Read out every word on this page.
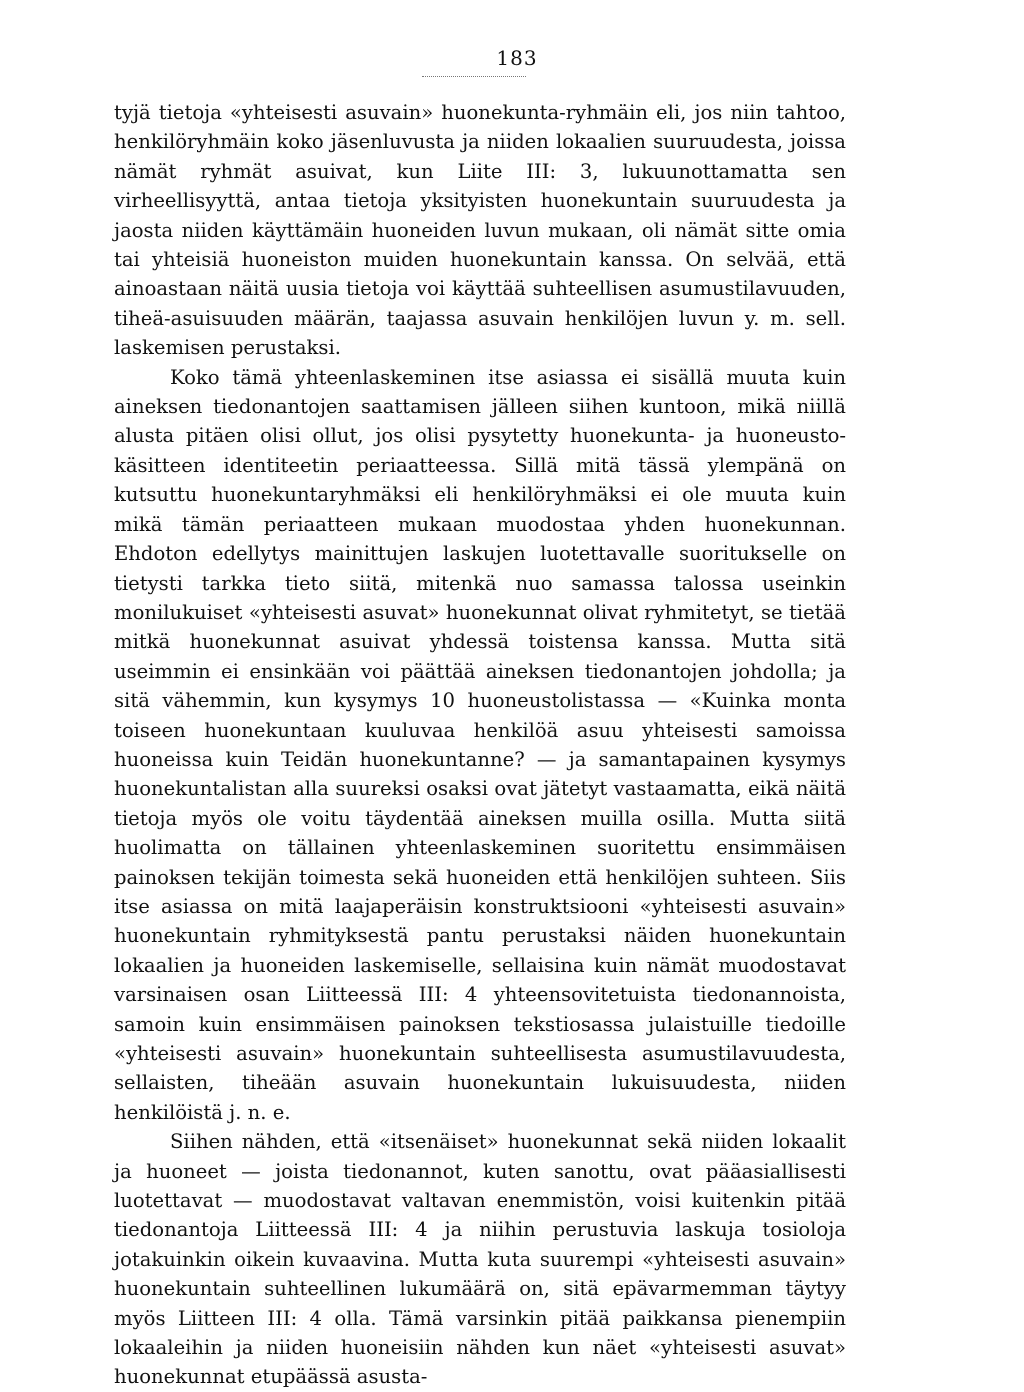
183

tyjä tietoja «yhteisesti asuvain» huonekunta-ryhmäin eli, jos niin tahtoo, henkilöryhmäin koko jäsenluvusta ja niiden lokaalien suuruudesta, joissa nämät ryhmät asuivat, kun Liite III: 3, lukuunottamatta sen virheellisyyttä, antaa tietoja yksityisten huonekuntain suuruudesta ja jaosta niiden käyttämäin huoneiden luvun mukaan, oli nämät sitte omia tai yhteisiä huoneiston muiden huonekuntain kanssa. On selvää, että ainoastaan näitä uusia tietoja voi käyttää suhteellisen asumustilavuuden, tiheä-asuisuuden määrän, taajassa asuvain henkilöjen luvun y. m. sell. laskemisen perustaksi.

Koko tämä yhteenlaskeminen itse asiassa ei sisällä muuta kuin aineksen tiedonantojen saattamisen jälleen siihen kuntoon, mikä niillä alusta pitäen olisi ollut, jos olisi pysytetty huonekunta- ja huoneusto-käsitteen identiteetin periaatteessa. Sillä mitä tässä ylempänä on kutsuttu huonekuntaryhmäksi eli henkilöryhmäksi ei ole muuta kuin mikä tämän periaatteen mukaan muodostaa yhden huonekunnan. Ehdoton edellytys mainittujen laskujen luotettavalle suoritukselle on tietysti tarkka tieto siitä, mitenkä nuo samassa talossa useinkin monilukuiset «yhteisesti asuvat» huonekunnat olivat ryhmitetyt, se tietää mitkä huonekunnat asuivat yhdessä toistensa kanssa. Mutta sitä useimmin ei ensinkään voi päättää aineksen tiedonantojen johdolla; ja sitä vähemmin, kun kysymys 10 huoneustolistassa — «Kuinka monta toiseen huonekuntaan kuuluvaa henkilöä asuu yhteisesti samoissa huoneissa kuin Teidän huonekuntanne? — ja samantapainen kysymys huonekuntalistan alla suureksi osaksi ovat jätetyt vastaamatta, eikä näitä tietoja myös ole voitu täydentää aineksen muilla osilla. Mutta siitä huolimatta on tällainen yhteenlaskeminen suoritettu ensimmäisen painoksen tekijän toimesta sekä huoneiden että henkilöjen suhteen. Siis itse asiassa on mitä laajaperäisin konstruktsiooni «yhteisesti asuvain» huonekuntain ryhmityksestä pantu perustaksi näiden huonekuntain lokaalien ja huoneiden laskemiselle, sellaisina kuin nämät muodostavat varsinaisen osan Liitteessä III: 4 yhteensovitetuista tiedonannoista, samoin kuin ensimmäisen painoksen tekstiosassa julaistuille tiedoille «yhteisesti asuvain» huonekuntain suhteellisesta asumustilavuudesta, sellaisten, tiheään asuvain huonekuntain lukuisuudesta, niiden henkilöistä j. n. e.

Siihen nähden, että «itsenäiset» huonekunnat sekä niiden lokaalit ja huoneet — joista tiedonannot, kuten sanottu, ovat pääasiallisesti luotettavat — muodostavat valtavan enemmistön, voisi kuitenkin pitää tiedonantoja Liitteessä III: 4 ja niihin perustuvia laskuja tosioloja jotakuinkin oikein kuvaavina. Mutta kuta suurempi «yhteisesti asuvain» huonekuntain suhteellinen lukumäärä on, sitä epävarmemman täytyy myös Liitteen III: 4 olla. Tämä varsinkin pitää paikkansa pienempiin lokaaleihin ja niiden huoneisiin nähden kun näet «yhteisesti asuvat» huonekunnat etupäässä asusta-
